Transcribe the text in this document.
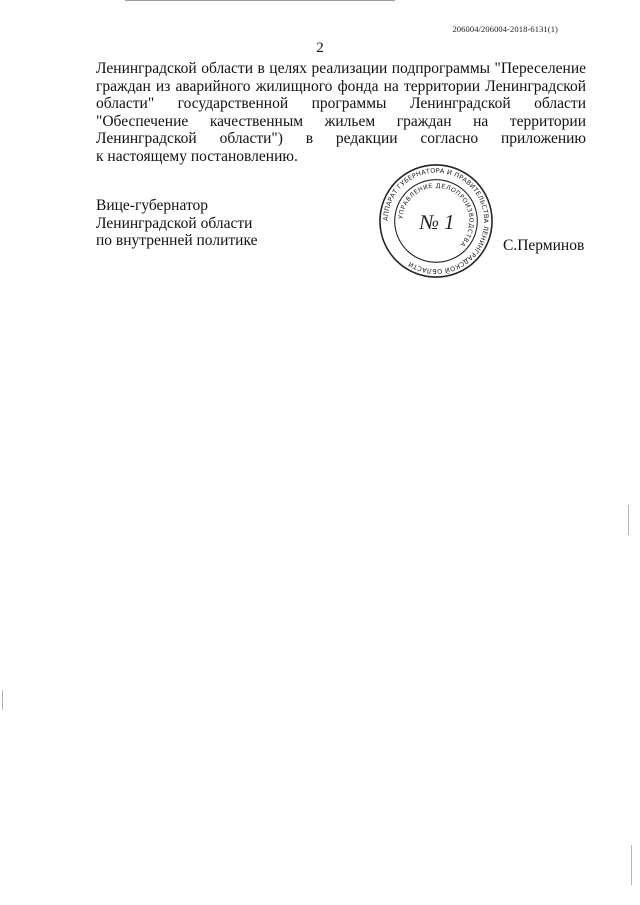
206004/206004-2018-6131(1)
2
Ленинградской области в целях реализации подпрограммы "Переселение
граждан из аварийного жилищного фонда на территории Ленинградской
области" государственной программы Ленинградской области
"Обеспечение качественным жильем граждан на территории
Ленинградской области") в редакции согласно приложению
к настоящему постановлению.
Вице-губернатор
Ленинградской области
по внутренней политике
АППАРАТ ГУБЕРНАТОРА И ПРАВИТЕЛЬСТВА ЛЕНИНГРАДСКОЙ ОБЛАСТИ
УПРАВЛЕНИЕ ДЕЛОПРОИЗВОДСТВА
№ 1
С.Перминов
